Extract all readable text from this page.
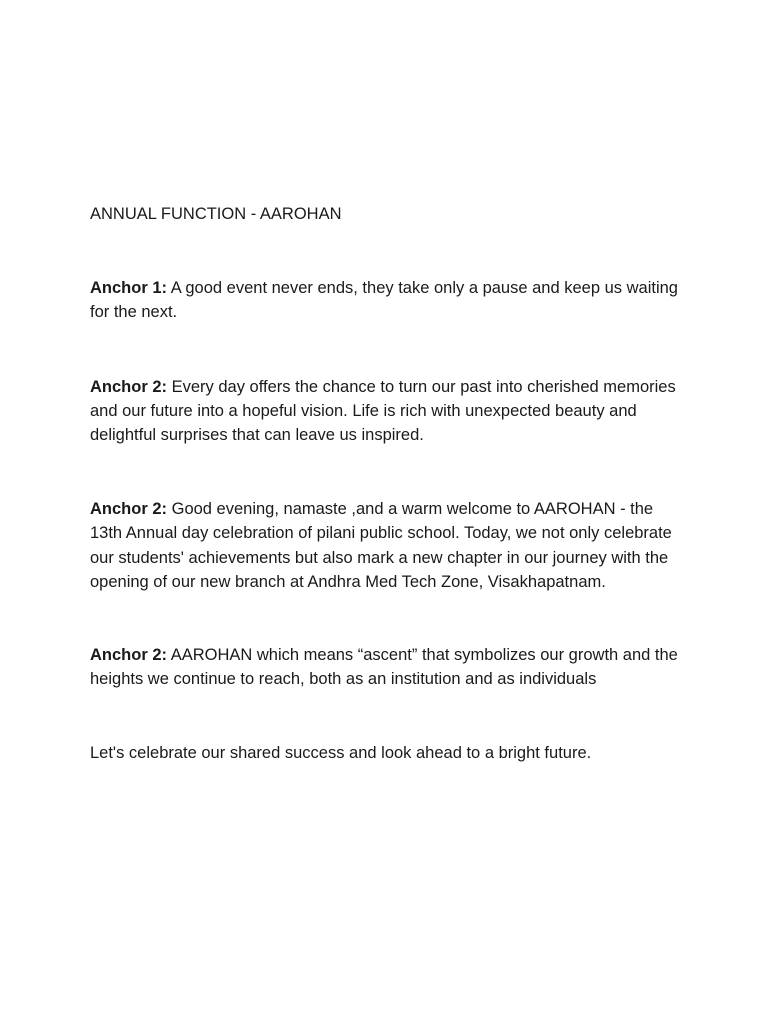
ANNUAL FUNCTION - AAROHAN

Anchor 1: A good event never ends, they take only a pause and keep us waiting for the next.

Anchor 2: Every day offers the chance to turn our past into cherished memories and our future into a hopeful vision. Life is rich with unexpected beauty and delightful surprises that can leave us inspired.

Anchor 2: Good evening, namaste ,and a warm welcome to AAROHAN - the 13th Annual day celebration of pilani public school. Today, we not only celebrate our students' achievements but also mark a new chapter in our journey with the opening of our new branch at Andhra Med Tech Zone, Visakhapatnam.

Anchor 2: AAROHAN which means “ascent” that symbolizes our growth and the heights we continue to reach, both as an institution and as individuals

Let's celebrate our shared success and look ahead to a bright future.
